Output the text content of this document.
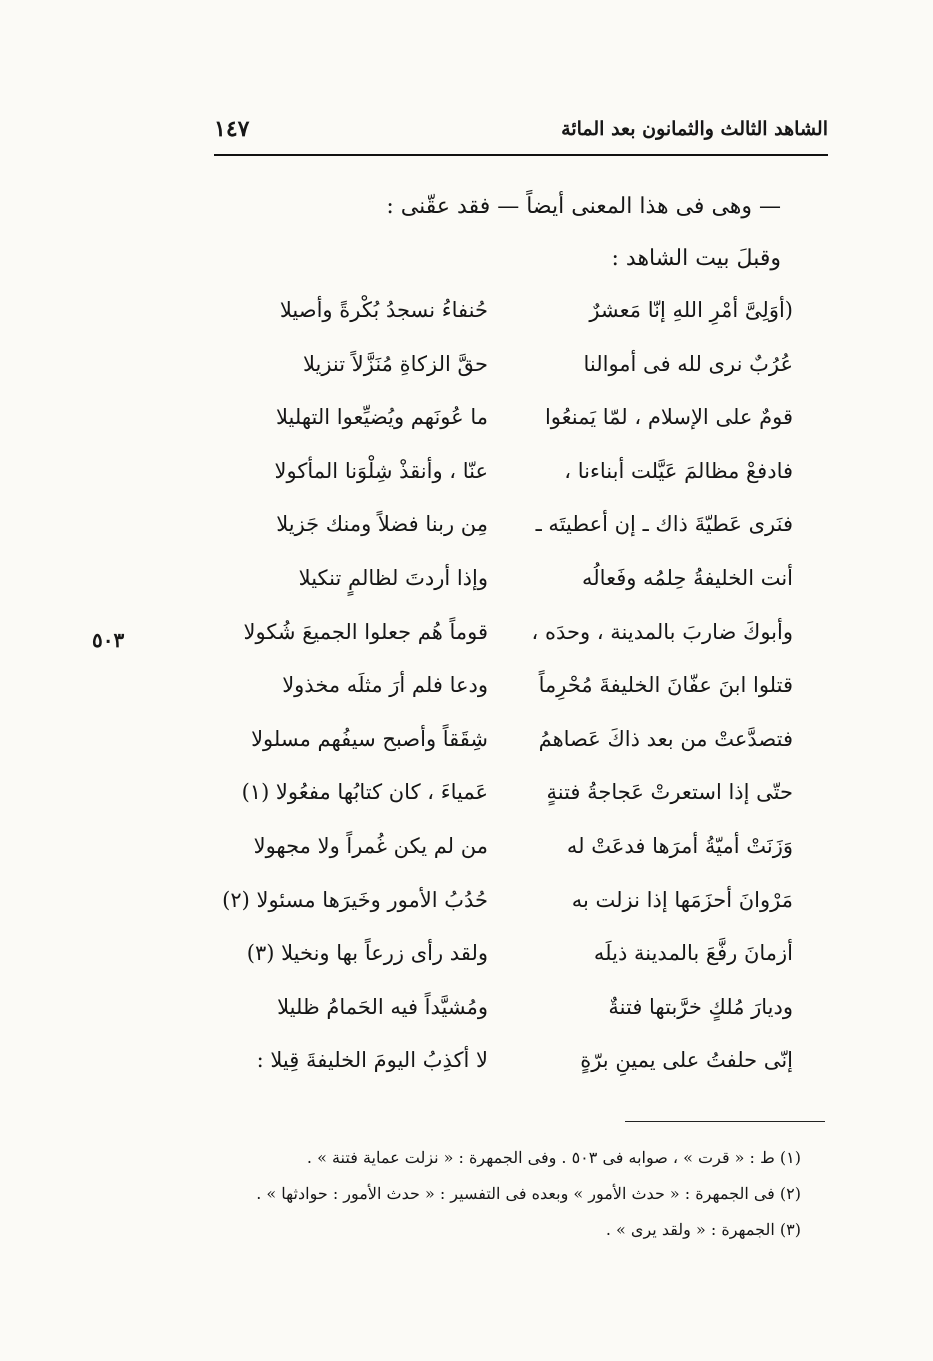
الشاهد الثالث والثمانون بعد المائة
١٤٧
— وهى فى هذا المعنى أيضاً — فقد عقّنى :
وقبلَ بيت الشاهد :
(أوَلِىَّ أمْرِ اللهِ إنّا مَعشرٌ
حُنفاءُ نسجدُ بُكْرةً وأصيلا
عُرُبٌ نرى لله فى أموالنا
حقَّ الزكاةِ مُنَزَّلاً تنزيلا
قومٌ على الإسلام ، لمّا يَمنعُوا
ما عُونَهم ويُضيِّعوا التهليلا
فادفعْ مظالمَ عَيَّلت أبناءنا ،
عنّا ، وأنقذْ شِلْوَنا المأكولا
فنَرى عَطيّةَ ذاك ـ إن أعطيتَه ـ
مِن ربنا فضلاً ومنك جَزيلا
أنت الخليفةُ حِلمُه وفَعالُه
وإذا أردتَ لظالمٍ تنكيلا
وأبوكَ ضاربَ بالمدينة ، وحدَه ،
قوماً هُم جعلوا الجميعَ شُكولا
قتلوا ابنَ عفّانَ الخليفةَ مُحْرِماً
ودعا فلم أرَ مثلَه مخذولا
فتصدَّعتْ من بعد ذاكَ عَصاهمُ
شِقَقاً وأصبح سيفُهم مسلولا
حتّى إذا استعرتْ عَجاجةُ فتنةٍ
عَمياءَ ، كان كتابُها مفعُولا (١)
وَزَنَتْ أميّةُ أمرَها فدعَتْ له
من لم يكن غُمراً ولا مجهولا
مَرْوانَ أحزَمَها إذا نزلت به
حُدُبُ الأمور وخَيرَها مسئولا (٢)
أزمانَ رفَّعَ بالمدينة ذيلَه
ولقد رأى زرعاً بها ونخيلا (٣)
وديارَ مُلكٍ خرَّبتها فتنةٌ
ومُشيَّداً فيه الحَمامُ ظليلا
إنّى حلفتُ على يمينِ برّةٍ
لا أكذِبُ اليومَ الخليفةَ قِيلا :
٥٠٣
(١) ط : « قرت » ، صوابه فى ٥٠٣ . وفى الجمهرة : « نزلت عماية فتنة » .
(٢) فى الجمهرة : « حدث الأمور » وبعده فى التفسير : « حدث الأمور : حوادثها » .
(٣) الجمهرة : « ولقد يرى » .
